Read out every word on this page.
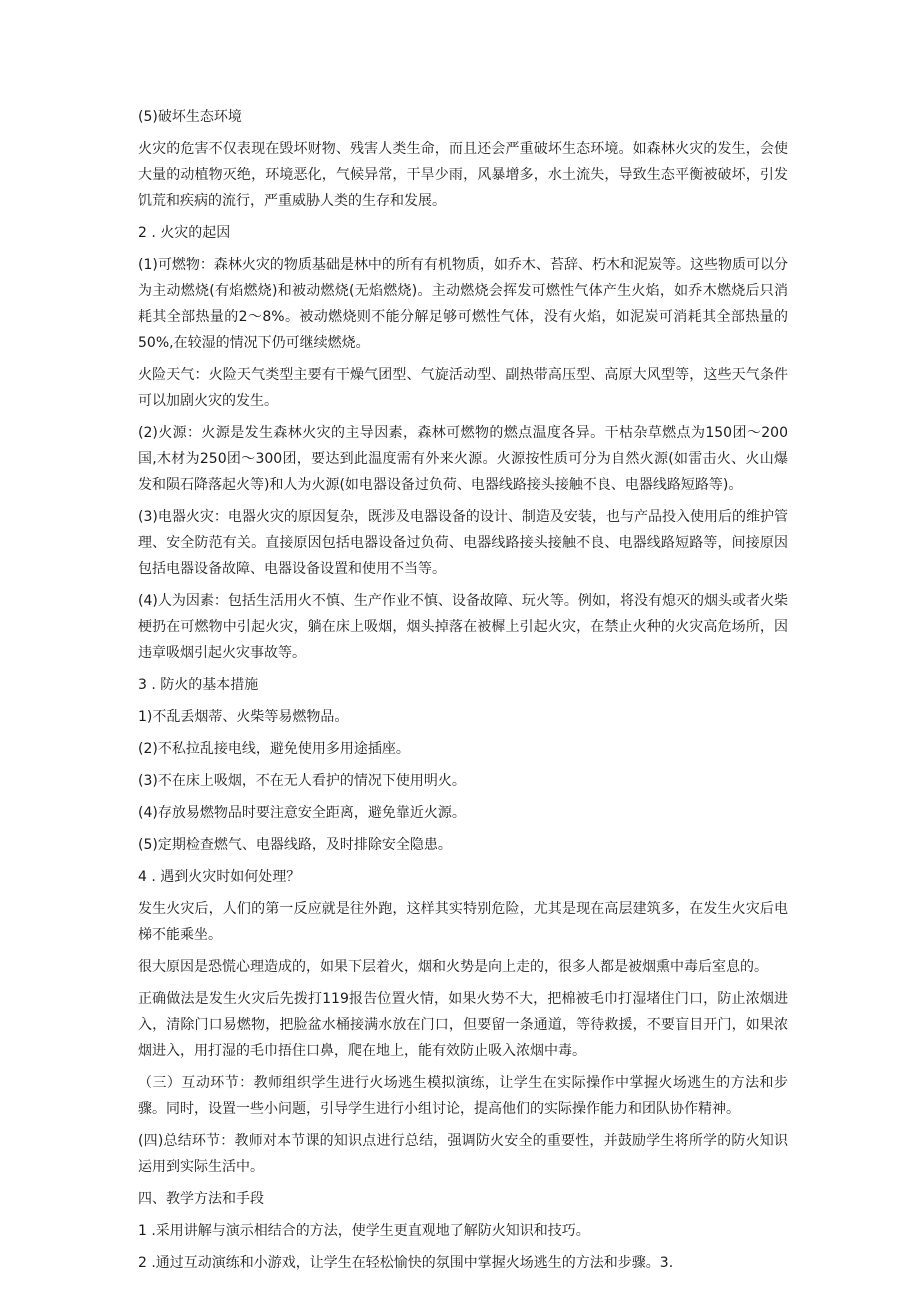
(5)破坏生态环境

火灾的危害不仅表现在毁坏财物、残害人类生命，而且还会严重破坏生态环境。如森林火灾的发生，会使大量的动植物灭绝，环境恶化，气候异常，干旱少雨，风暴增多，水土流失，导致生态平衡被破坏，引发饥荒和疾病的流行，严重威胁人类的生存和发展。

2 . 火灾的起因

(1)可燃物：森林火灾的物质基础是林中的所有有机物质，如乔木、苔辞、朽木和泥炭等。这些物质可以分为主动燃烧(有焰燃烧)和被动燃烧(无焰燃烧)。主动燃烧会挥发可燃性气体产生火焰，如乔木燃烧后只消耗其全部热量的2～8%。被动燃烧则不能分解足够可燃性气体，没有火焰，如泥炭可消耗其全部热量的50%,在较湿的情况下仍可继续燃烧。

火险天气：火险天气类型主要有干燥气团型、气旋活动型、副热带高压型、高原大风型等，这些天气条件可以加剧火灾的发生。

(2)火源：火源是发生森林火灾的主导因素，森林可燃物的燃点温度各异。干枯杂草燃点为150团～200国,木材为250团～300团，要达到此温度需有外来火源。火源按性质可分为自然火源(如雷击火、火山爆发和陨石降落起火等)和人为火源(如电器设备过负荷、电器线路接头接触不良、电器线路短路等)。

(3)电器火灾：电器火灾的原因复杂，既涉及电器设备的设计、制造及安装，也与产品投入使用后的维护管理、安全防范有关。直接原因包括电器设备过负荷、电器线路接头接触不良、电器线路短路等，间接原因包括电器设备故障、电器设备设置和使用不当等。

(4)人为因素：包括生活用火不慎、生产作业不慎、设备故障、玩火等。例如，将没有熄灭的烟头或者火柴梗扔在可燃物中引起火灾，躺在床上吸烟，烟头掉落在被樨上引起火灾，在禁止火种的火灾高危场所，因违章吸烟引起火灾事故等。

3 . 防火的基本措施

1)不乱丢烟蒂、火柴等易燃物品。

(2)不私拉乱接电线，避免使用多用途插座。

(3)不在床上吸烟，不在无人看护的情况下使用明火。

(4)存放易燃物品时要注意安全距离，避免靠近火源。

(5)定期检查燃气、电器线路，及时排除安全隐患。

4 . 遇到火灾时如何处理？

发生火灾后，人们的第一反应就是往外跑，这样其实特别危险，尤其是现在高层建筑多，在发生火灾后电梯不能乘坐。

很大原因是恐慌心理造成的，如果下层着火，烟和火势是向上走的，很多人都是被烟熏中毒后室息的。

正确做法是发生火灾后先拨打119报告位置火情，如果火势不大，把棉被毛巾打湿堵住门口，防止浓烟进入，清除门口易燃物，把脸盆水桶接满水放在门口，但要留一条通道，等待救援，不要盲目开门，如果浓烟进入，用打湿的毛巾捂住口鼻，爬在地上，能有效防止吸入浓烟中毒。

（三）互动环节：教师组织学生进行火场逃生模拟演练，让学生在实际操作中掌握火场逃生的方法和步骤。同时，设置一些小问题，引导学生进行小组讨论，提高他们的实际操作能力和团队协作精神。

(四)总结环节：教师对本节课的知识点进行总结，强调防火安全的重要性，并鼓励学生将所学的防火知识运用到实际生活中。

四、教学方法和手段

1 .采用讲解与演示相结合的方法，使学生更直观地了解防火知识和技巧。

2 .通过互动演练和小游戏，让学生在轻松愉快的氛围中掌握火场逃生的方法和步骤。3.
